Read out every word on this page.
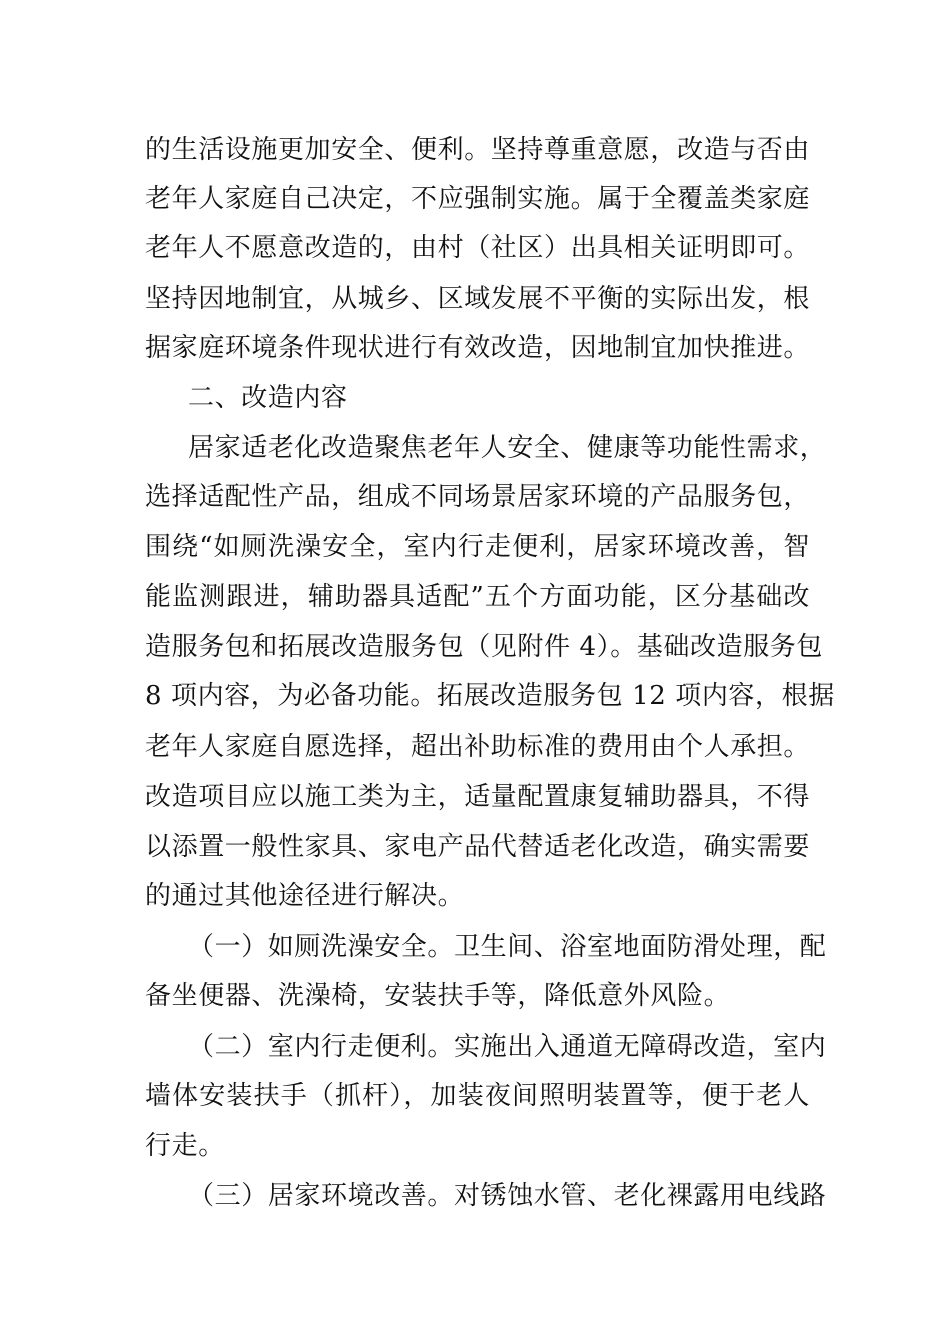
的生活设施更加安全、便利。坚持尊重意愿，改造与否由
老年人家庭自己决定，不应强制实施。属于全覆盖类家庭
老年人不愿意改造的，由村（社区）出具相关证明即可。
坚持因地制宜，从城乡、区域发展不平衡的实际出发，根
据家庭环境条件现状进行有效改造，因地制宜加快推进。
二、改造内容
居家适老化改造聚焦老年人安全、健康等功能性需求，
选择适配性产品，组成不同场景居家环境的产品服务包，
围绕“如厕洗澡安全，室内行走便利，居家环境改善，智
能监测跟进，辅助器具适配”五个方面功能，区分基础改
造服务包和拓展改造服务包（见附件 4）。基础改造服务包
8 项内容，为必备功能。拓展改造服务包 12 项内容，根据
老年人家庭自愿选择，超出补助标准的费用由个人承担。
改造项目应以施工类为主，适量配置康复辅助器具，不得
以添置一般性家具、家电产品代替适老化改造，确实需要
的通过其他途径进行解决。
（一）如厕洗澡安全。卫生间、浴室地面防滑处理，配
备坐便器、洗澡椅，安装扶手等，降低意外风险。
（二）室内行走便利。实施出入通道无障碍改造，室内
墙体安装扶手（抓杆），加装夜间照明装置等，便于老人
行走。
（三）居家环境改善。对锈蚀水管、老化裸露用电线路
